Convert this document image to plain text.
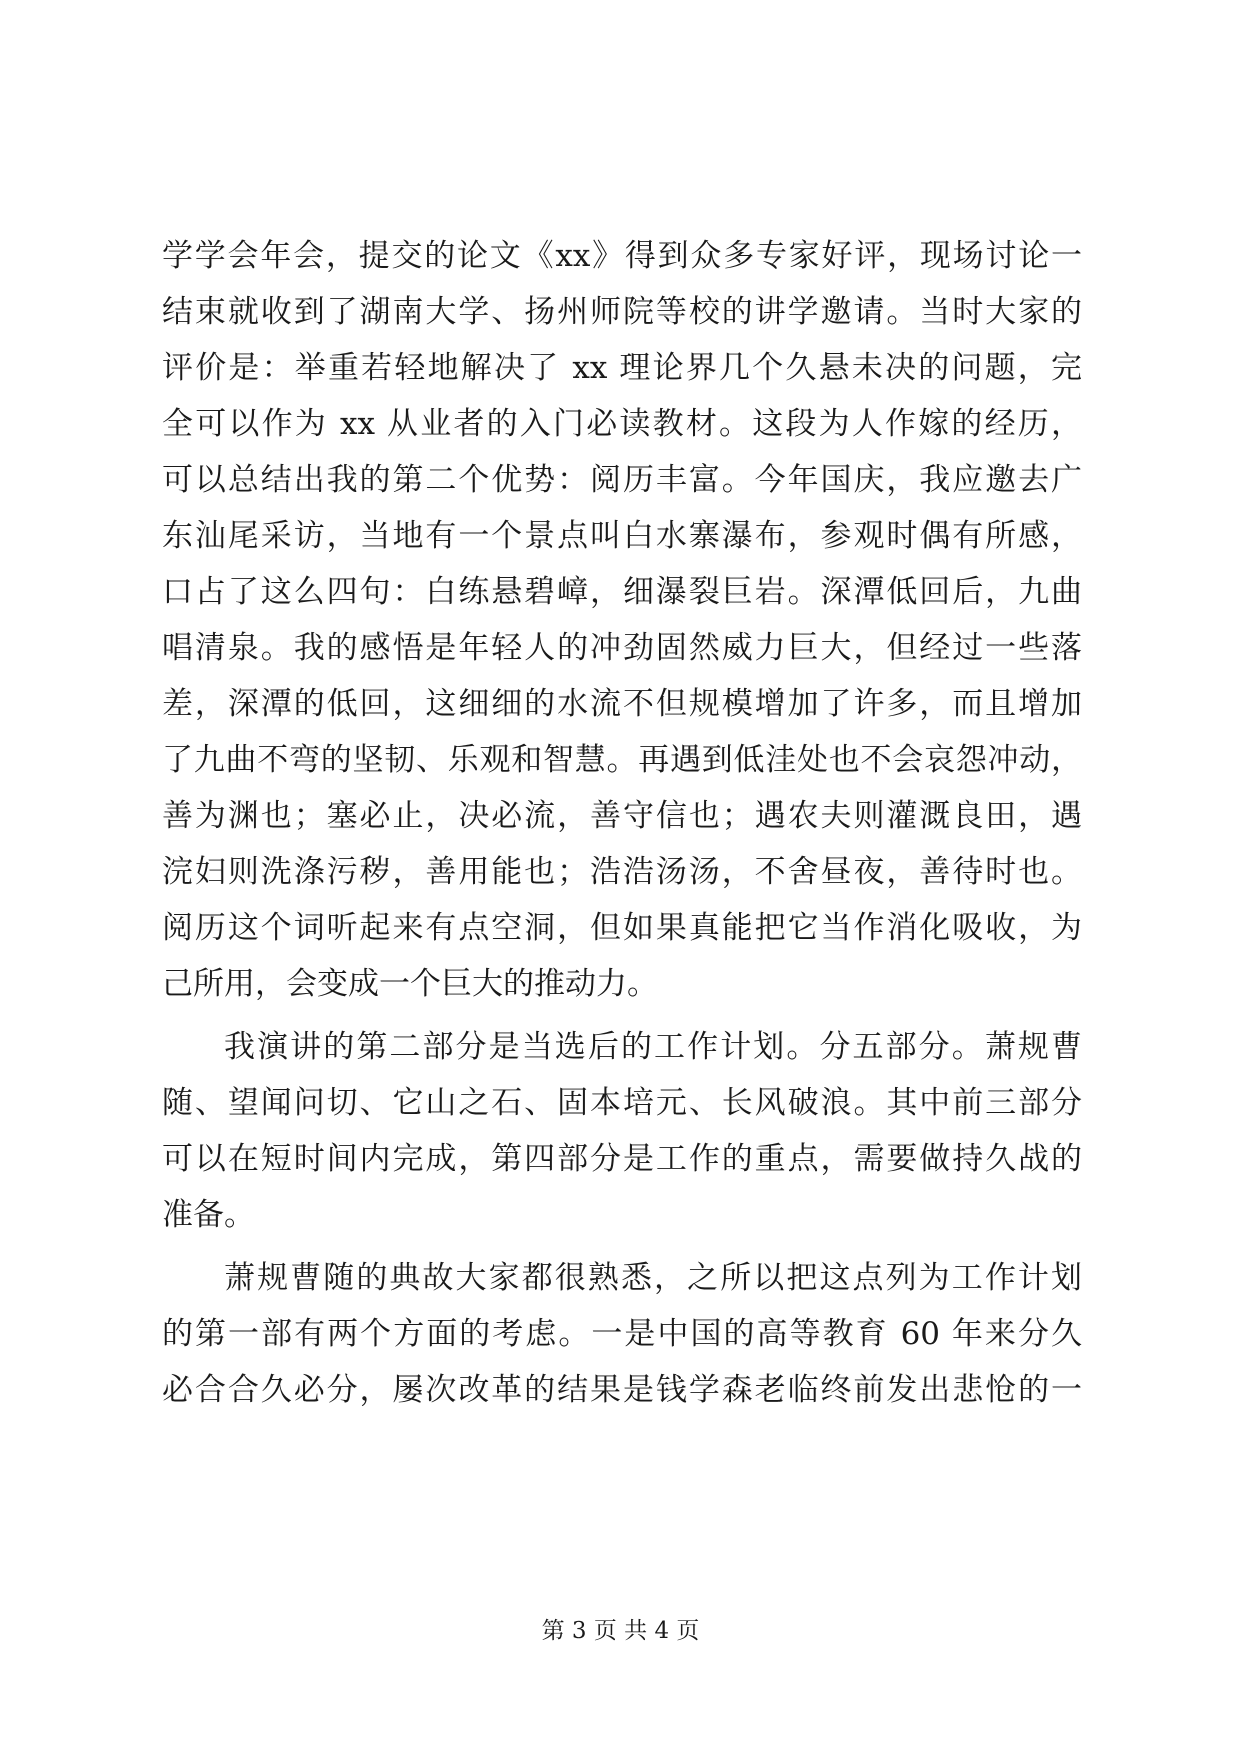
学学会年会，提交的论文《xx》得到众多专家好评，现场讨论一
结束就收到了湖南大学、扬州师院等校的讲学邀请。当时大家的
评价是：举重若轻地解决了 xx 理论界几个久悬未决的问题，完
全可以作为 xx 从业者的入门必读教材。这段为人作嫁的经历，
可以总结出我的第二个优势：阅历丰富。今年国庆，我应邀去广
东汕尾采访，当地有一个景点叫白水寨瀑布，参观时偶有所感，
口占了这么四句：白练悬碧嶂，细瀑裂巨岩。深潭低回后，九曲
唱清泉。我的感悟是年轻人的冲劲固然威力巨大，但经过一些落
差，深潭的低回，这细细的水流不但规模增加了许多，而且增加
了九曲不弯的坚韧、乐观和智慧。再遇到低洼处也不会哀怨冲动，
善为渊也；塞必止，决必流，善守信也；遇农夫则灌溉良田，遇
浣妇则洗涤污秽，善用能也；浩浩汤汤，不舍昼夜，善待时也。
阅历这个词听起来有点空洞，但如果真能把它当作消化吸收，为
己所用，会变成一个巨大的推动力。
我演讲的第二部分是当选后的工作计划。分五部分。萧规曹
随、望闻问切、它山之石、固本培元、长风破浪。其中前三部分
可以在短时间内完成，第四部分是工作的重点，需要做持久战的
准备。
萧规曹随的典故大家都很熟悉，之所以把这点列为工作计划
的第一部有两个方面的考虑。一是中国的高等教育 60 年来分久
必合合久必分，屡次改革的结果是钱学森老临终前发出悲怆的一
第 3 页 共 4 页
